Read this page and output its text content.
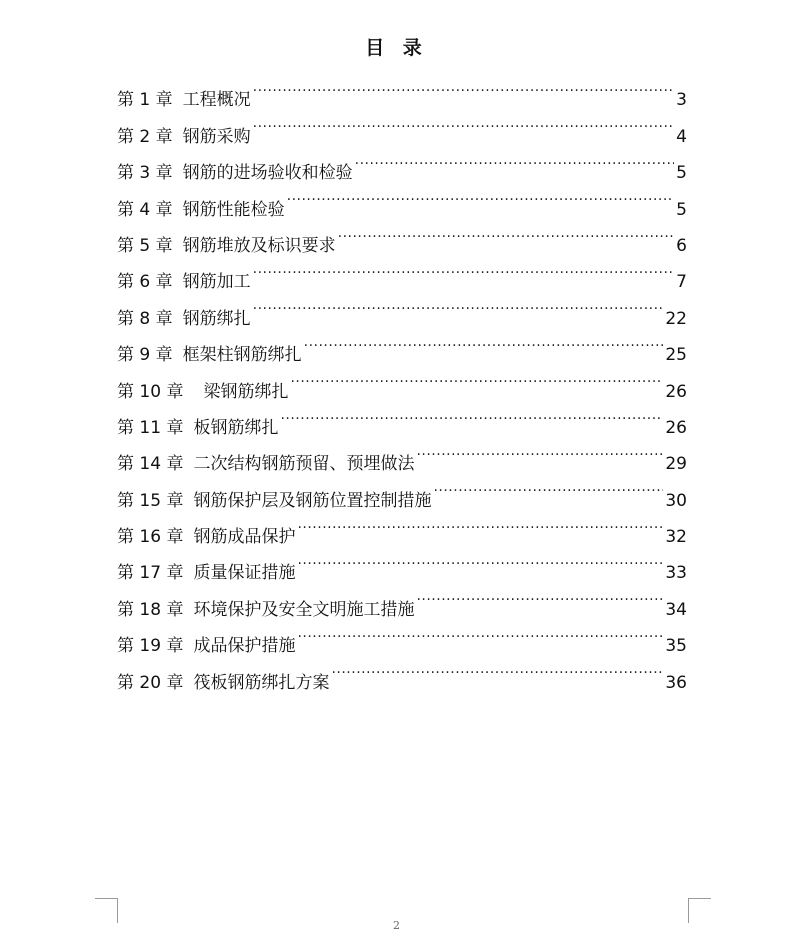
目 录
第 1 章 工程概况 .....	3
第 2 章 钢筋采购 .....	4
第 3 章 钢筋的进场验收和检验 .....	5
第 4 章 钢筋性能检验 .....	5
第 5 章 钢筋堆放及标识要求 .....	6
第 6 章 钢筋加工 .....	7
第 8 章 钢筋绑扎 .....	22
第 9 章 框架柱钢筋绑扎 .....	25
第 10 章 梁钢筋绑扎 .....	26
第 11 章 板钢筋绑扎 .....	26
第 14 章 二次结构钢筋预留、预埋做法 .....	29
第 15 章 钢筋保护层及钢筋位置控制措施 .....	30
第 16 章 钢筋成品保护 .....	32
第 17 章 质量保证措施 .....	33
第 18 章 环境保护及安全文明施工措施 .....	34
第 19 章 成品保护措施 .....	35
第 20 章 筏板钢筋绑扎方案 .....	36
2
